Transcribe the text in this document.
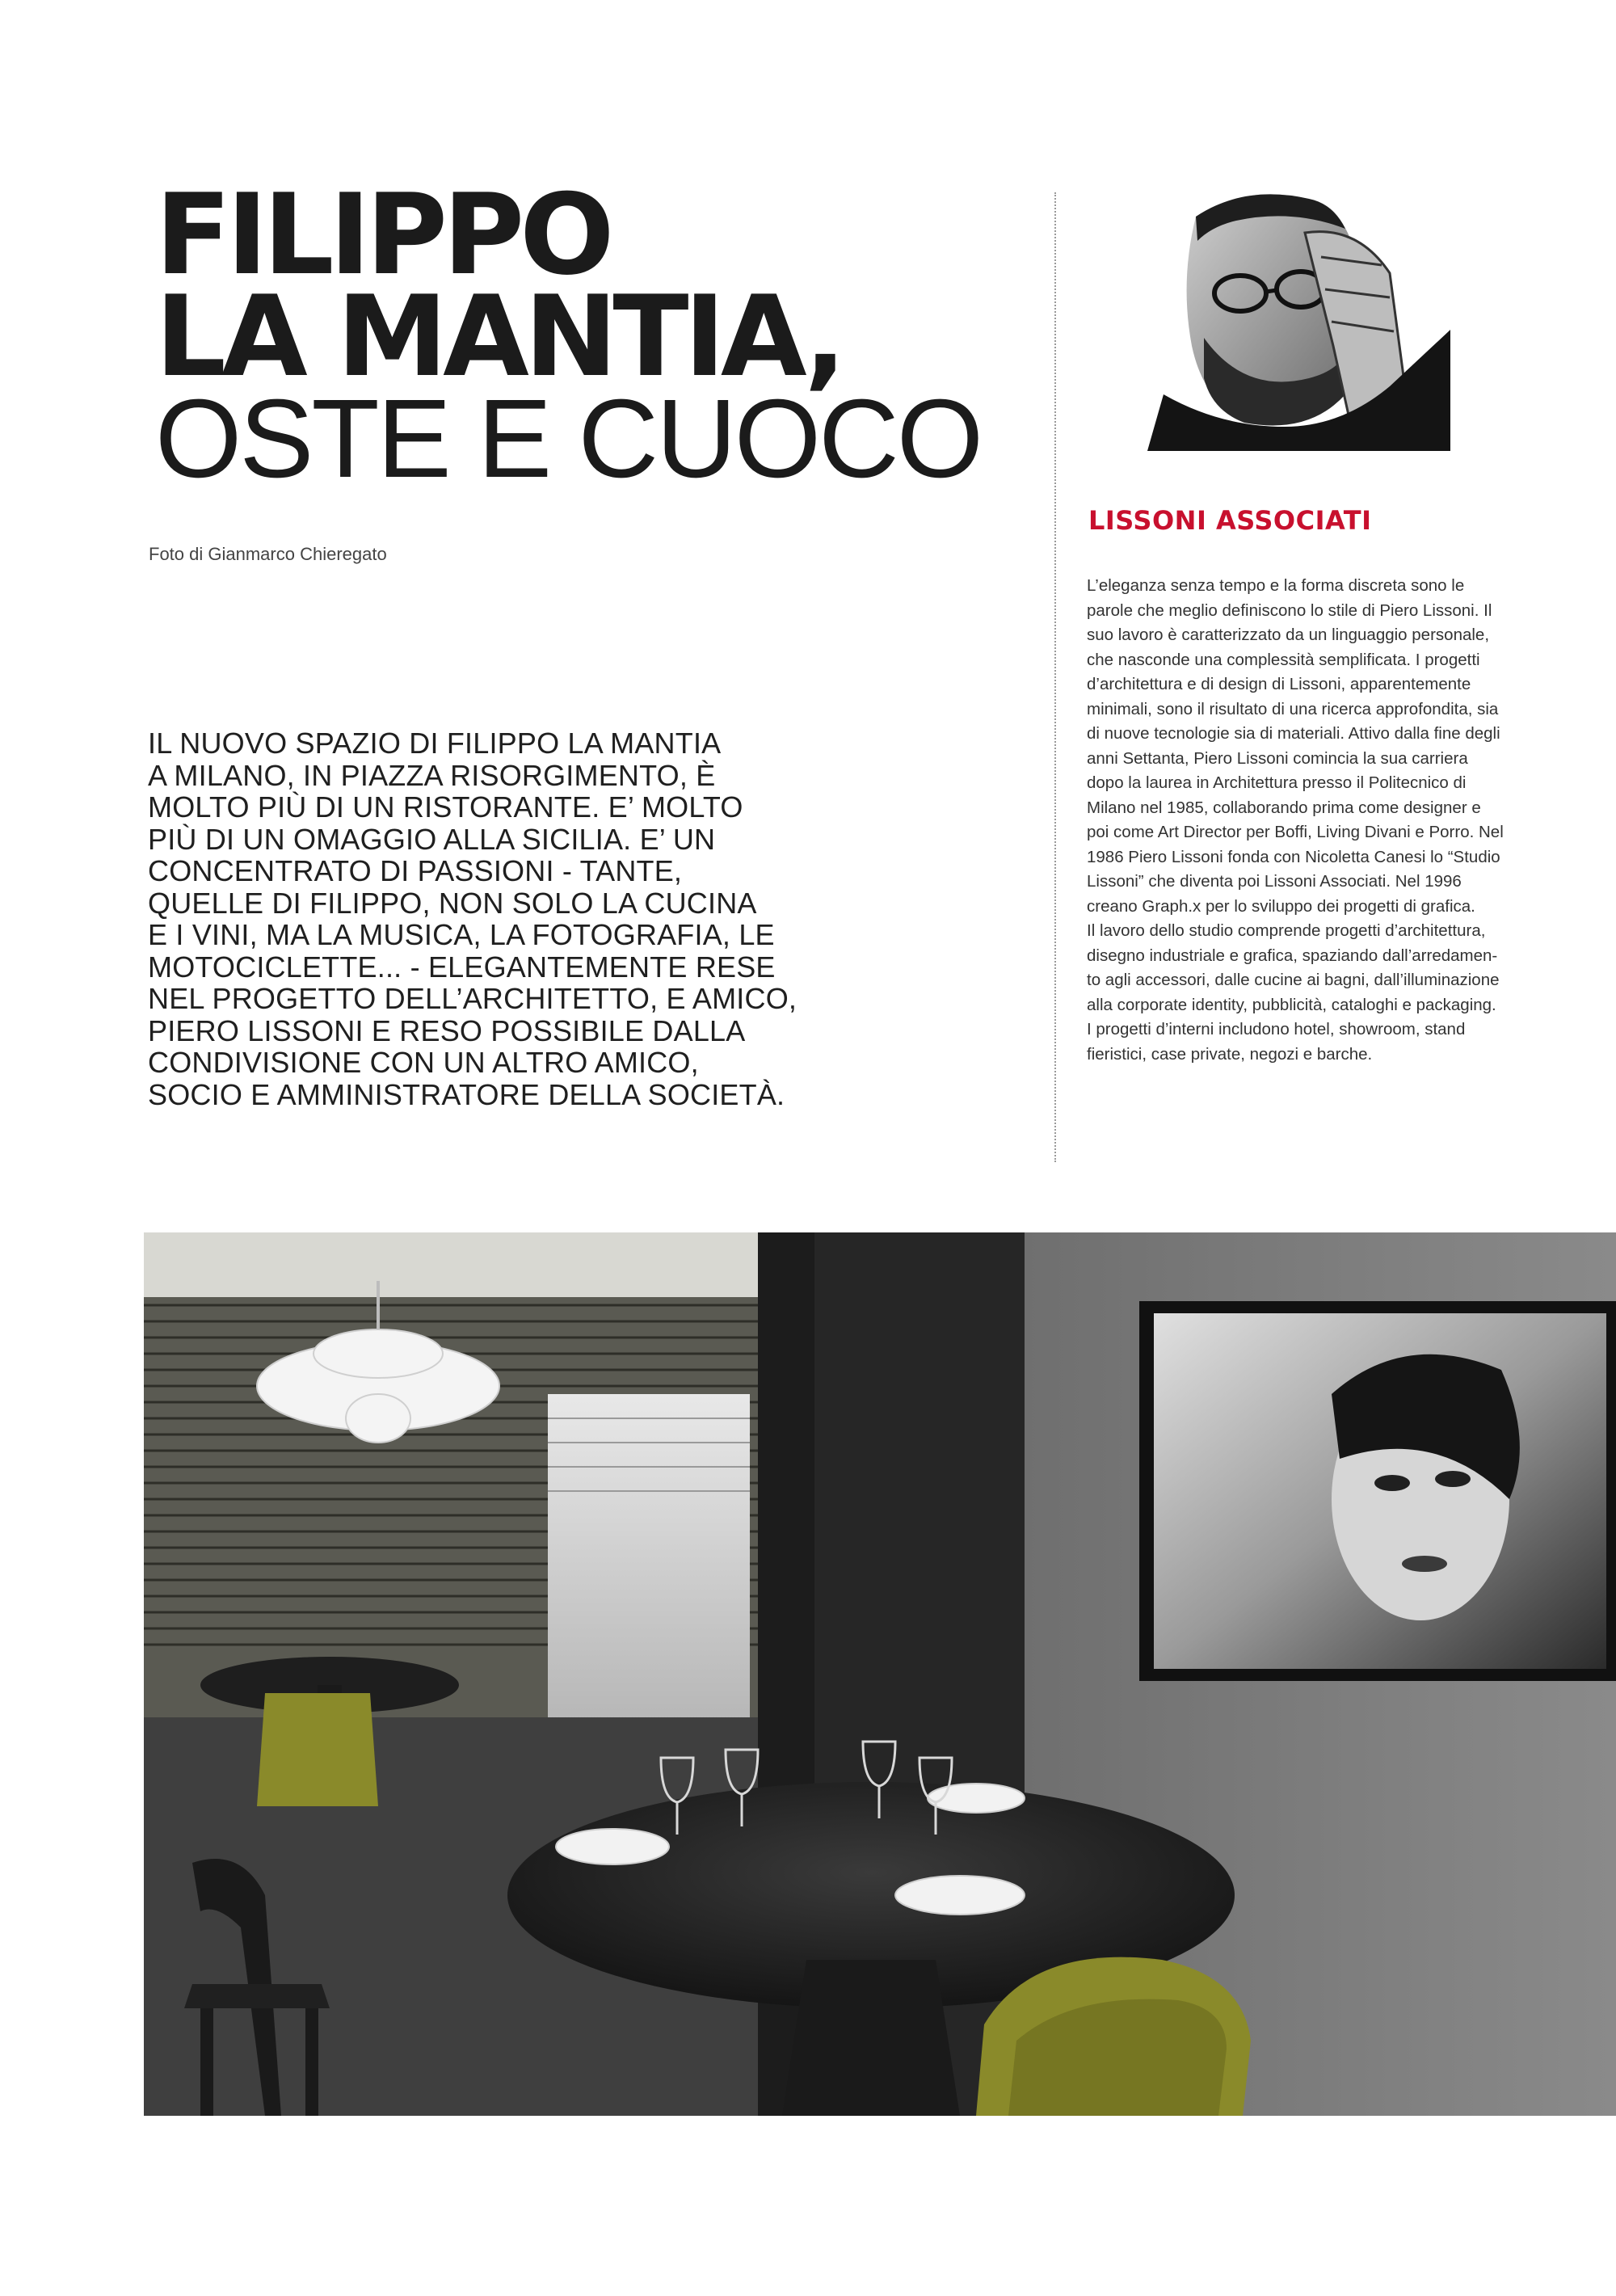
FILIPPO
LA MANTIA,
OSTE E CUOCO
Foto di Gianmarco Chieregato
IL NUOVO SPAZIO DI FILIPPO LA MANTIA
A MILANO, IN PIAZZA RISORGIMENTO, È
MOLTO PIÙ DI UN RISTORANTE. E’ MOLTO
PIÙ DI UN OMAGGIO ALLA SICILIA. E’ UN
CONCENTRATO DI PASSIONI - TANTE,
QUELLE DI FILIPPO, NON SOLO LA CUCINA
E I VINI, MA LA MUSICA, LA FOTOGRAFIA, LE
MOTOCICLETTE... - ELEGANTEMENTE RESE
NEL PROGETTO DELL’ARCHITETTO, E AMICO,
PIERO LISSONI E RESO POSSIBILE DALLA
CONDIVISIONE CON UN ALTRO AMICO,
SOCIO E AMMINISTRATORE DELLA SOCIETÀ.
LISSONI ASSOCIATI
L’eleganza senza tempo e la forma discreta sono le
parole che meglio definiscono lo stile di Piero Lissoni. Il
suo lavoro è caratterizzato da un linguaggio personale,
che nasconde una complessità semplificata. I progetti
d’architettura e di design di Lissoni, apparentemente
minimali, sono il risultato di una ricerca approfondita, sia
di nuove tecnologie sia di materiali. Attivo dalla fine degli
anni Settanta, Piero Lissoni comincia la sua carriera
dopo la laurea in Architettura presso il Politecnico di
Milano nel 1985, collaborando prima come designer e
poi come Art Director per Boffi, Living Divani e Porro. Nel
1986 Piero Lissoni fonda con Nicoletta Canesi lo “Studio
Lissoni” che diventa poi Lissoni Associati. Nel 1996
creano Graph.x per lo sviluppo dei progetti di grafica.
Il lavoro dello studio comprende progetti d’architettura,
disegno industriale e grafica, spaziando dall’arredamen-
to agli accessori, dalle cucine ai bagni, dall’illuminazione
alla corporate identity, pubblicità, cataloghi e packaging.
I progetti d’interni includono hotel, showroom, stand
fieristici, case private, negozi e barche.
